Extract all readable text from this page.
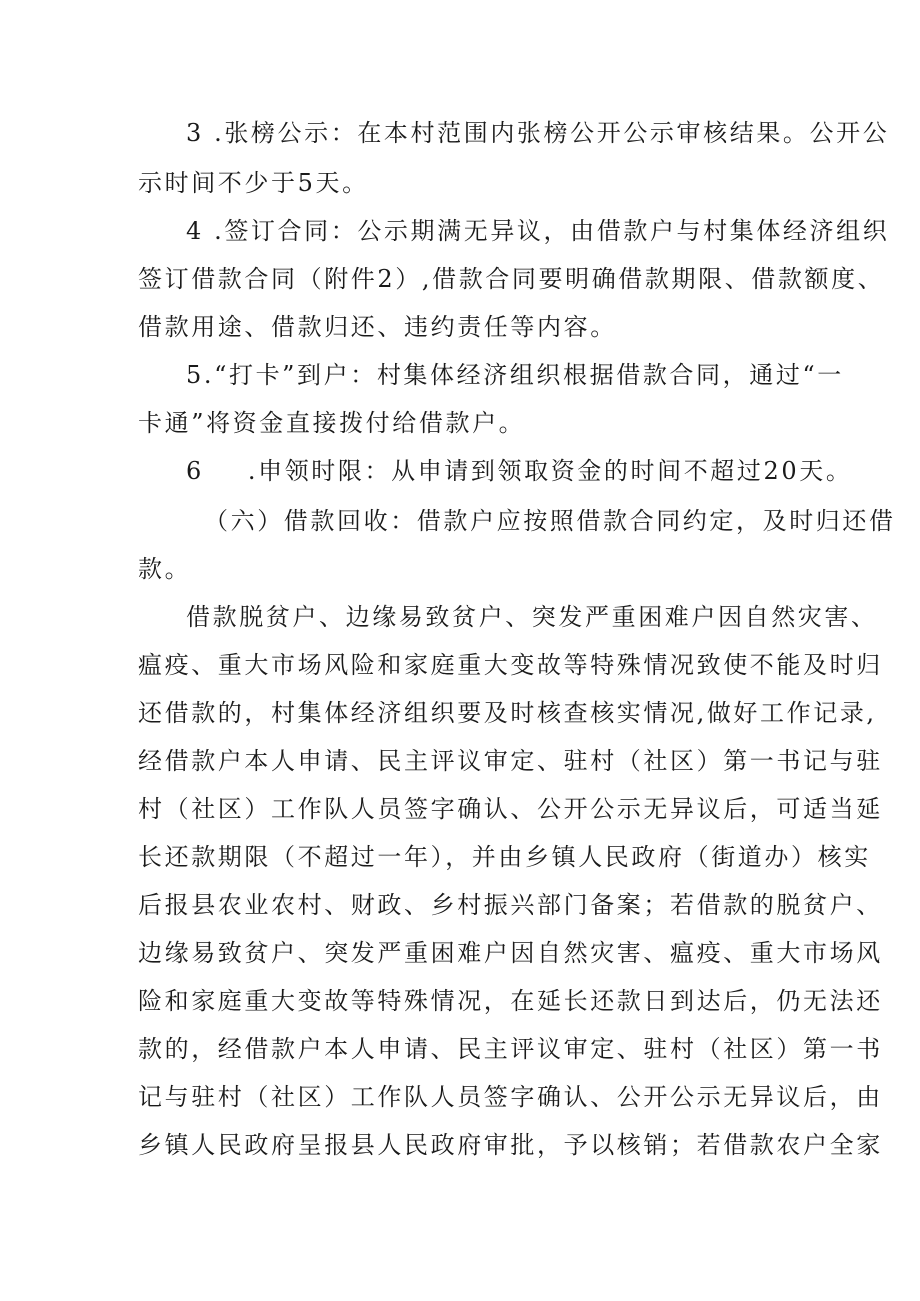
3 .张榜公示：在本村范围内张榜公开公示审核结果。公开公
示时间不少于5天。
4 .签订合同：公示期满无异议，由借款户与村集体经济组织
签订借款合同（附件2）,借款合同要明确借款期限、借款额度、
借款用途、借款归还、违约责任等内容。
5.“打卡”到户：村集体经济组织根据借款合同，通过“一
卡通”将资金直接拨付给借款户。
6 .申领时限：从申请到领取资金的时间不超过20天。
（六）借款回收：借款户应按照借款合同约定，及时归还借
款。
借款脱贫户、边缘易致贫户、突发严重困难户因自然灾害、
瘟疫、重大市场风险和家庭重大变故等特殊情况致使不能及时归
还借款的，村集体经济组织要及时核查核实情况,做好工作记录,
经借款户本人申请、民主评议审定、驻村（社区）第一书记与驻
村（社区）工作队人员签字确认、公开公示无异议后，可适当延
长还款期限（不超过一年），并由乡镇人民政府（街道办）核实
后报县农业农村、财政、乡村振兴部门备案；若借款的脱贫户、
边缘易致贫户、突发严重困难户因自然灾害、瘟疫、重大市场风
险和家庭重大变故等特殊情况，在延长还款日到达后，仍无法还
款的，经借款户本人申请、民主评议审定、驻村（社区）第一书
记与驻村（社区）工作队人员签字确认、公开公示无异议后，由
乡镇人民政府呈报县人民政府审批，予以核销；若借款农户全家
